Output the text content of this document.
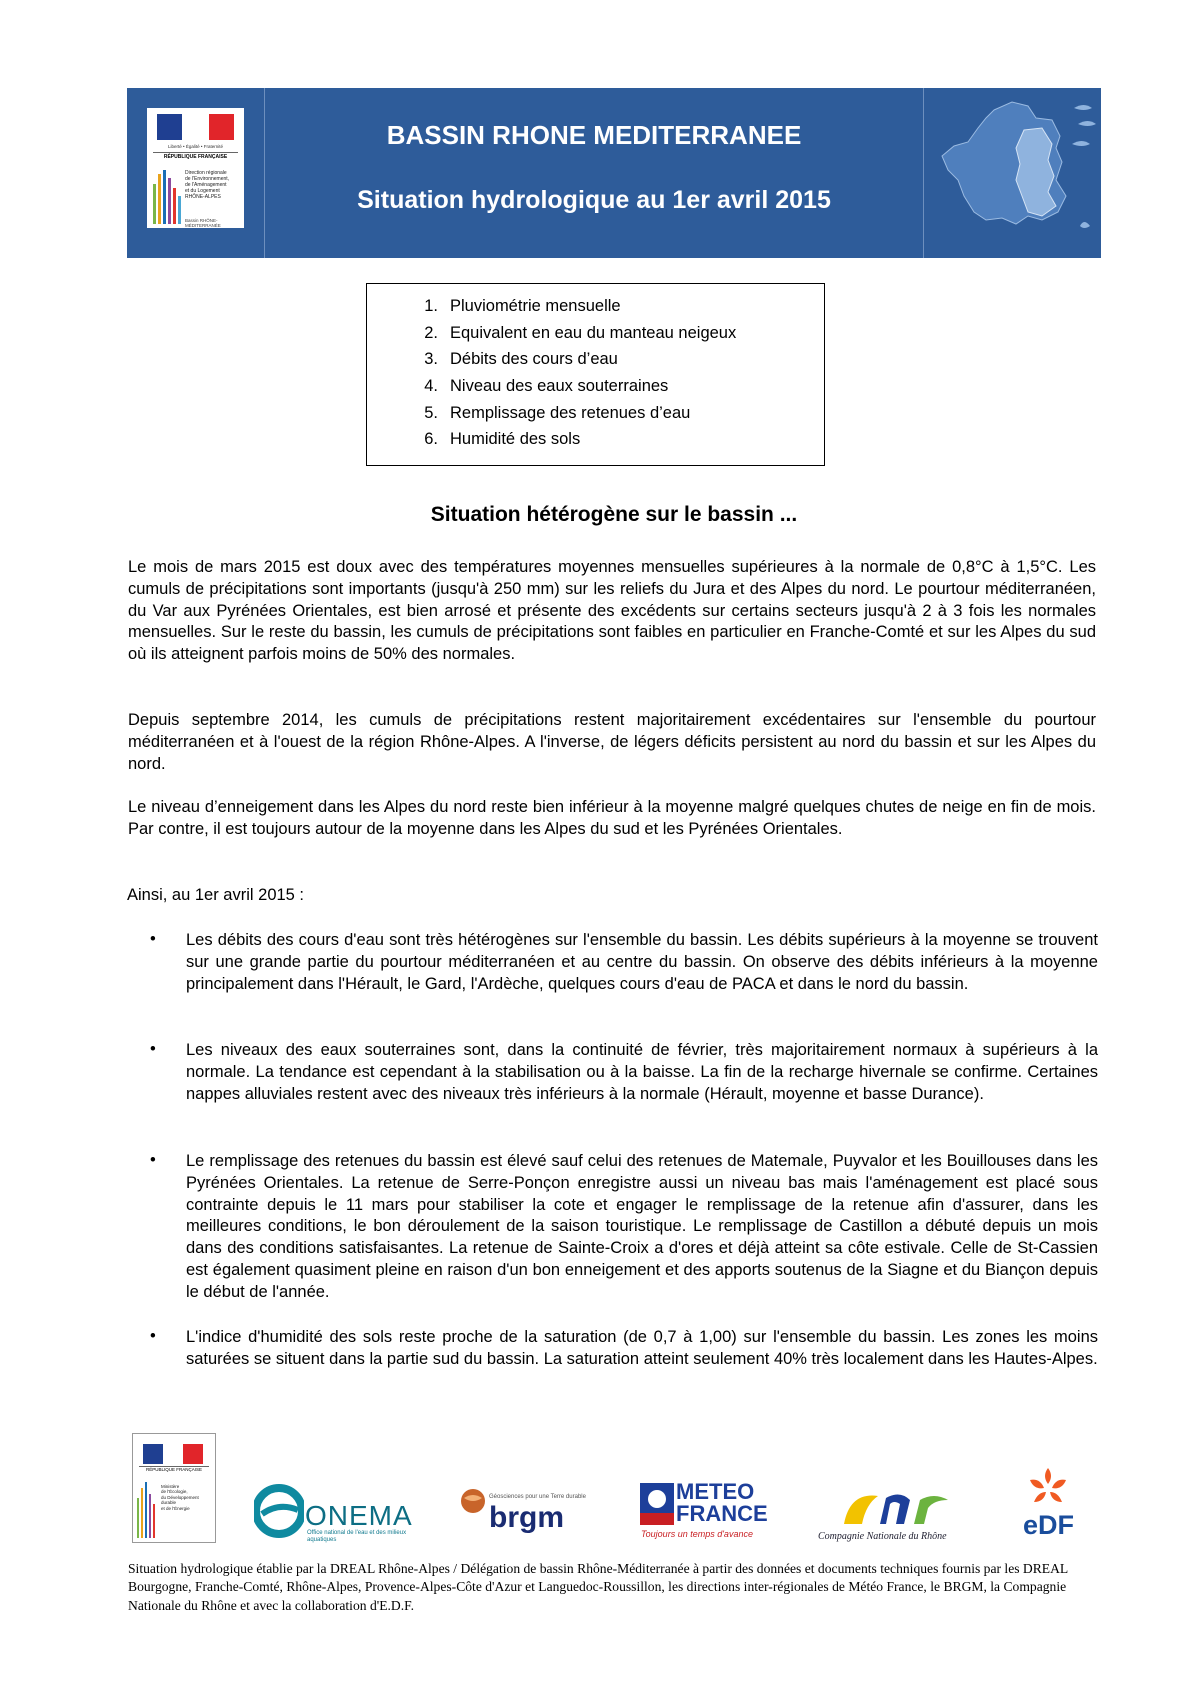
Liberté • Égalité • Fraternité
RÉPUBLIQUE FRANÇAISE
Direction régionale
de l'Environnement,
de l'Aménagement
et du Logement
RHÔNE-ALPES
Bassin RHÔNE-MÉDITERRANÉE
BASSIN RHONE MEDITERRANEE
Situation hydrologique au 1er avril 2015
1. Pluviométrie mensuelle
2. Equivalent en eau du manteau neigeux
3. Débits des cours d’eau
4. Niveau des eaux souterraines
5. Remplissage des retenues d’eau
6. Humidité des sols
Situation hétérogène sur le bassin ...

Le mois de mars 2015 est doux avec des températures moyennes mensuelles supérieures à la normale de 0,8°C à 1,5°C. Les cumuls de précipitations sont importants (jusqu'à 250 mm) sur les reliefs du Jura et des Alpes du nord. Le pourtour méditerranéen, du Var aux Pyrénées Orientales, est bien arrosé et présente des excédents sur certains secteurs jusqu'à 2 à 3 fois les normales mensuelles. Sur le reste du bassin, les cumuls de précipitations sont faibles en particulier en Franche-Comté et sur les Alpes du sud où ils atteignent parfois moins de 50% des normales.

Depuis septembre 2014, les cumuls de précipitations restent majoritairement excédentaires sur l'ensemble du pourtour méditerranéen et à l'ouest de la région Rhône-Alpes. A l'inverse, de légers déficits persistent au nord du bassin et sur les Alpes du nord.

Le niveau d’enneigement dans les Alpes du nord reste bien inférieur à la moyenne malgré quelques chutes de neige en fin de mois. Par contre, il est toujours autour de la moyenne dans les Alpes du sud et les Pyrénées Orientales.

Ainsi, au 1er avril 2015 :
• Les débits des cours d'eau sont très hétérogènes sur l'ensemble du bassin. Les débits supérieurs à la moyenne se trouvent sur une grande partie du pourtour méditerranéen et au centre du bassin. On observe des débits inférieurs à la moyenne principalement dans l'Hérault, le Gard, l'Ardèche, quelques cours d'eau de PACA et dans le nord du bassin.

• Les niveaux des eaux souterraines sont, dans la continuité de février, très majoritairement normaux à supérieurs à la normale. La tendance est cependant à la stabilisation ou à la baisse. La fin de la recharge hivernale se confirme. Certaines nappes alluviales restent avec des niveaux très inférieurs à la normale (Hérault, moyenne et basse Durance).

• Le remplissage des retenues du bassin est élevé sauf celui des retenues de Matemale, Puyvalor et les Bouillouses dans les Pyrénées Orientales. La retenue de Serre-Ponçon enregistre aussi un niveau bas mais l'aménagement est placé sous contrainte depuis le 11 mars pour stabiliser la cote et engager le remplissage de la retenue afin d'assurer, dans les meilleures conditions, le bon déroulement de la saison touristique. Le remplissage de Castillon a débuté depuis un mois dans des conditions satisfaisantes. La retenue de Sainte-Croix a d'ores et déjà atteint sa côte estivale. Celle de St-Cassien est également quasiment pleine en raison d'un bon enneigement et des apports soutenus de la Siagne et du Biançon depuis le début de l'année.

• L'indice d'humidité des sols reste proche de la saturation (de 0,7 à 1,00) sur l'ensemble du bassin. Les zones les moins saturées se situent dans la partie sud du bassin. La saturation atteint seulement 40% très localement dans les Hautes-Alpes.

RÉPUBLIQUE FRANÇAISE
Ministère
de l'Écologie,
du Développement
durable
et de l'Énergie	ONEMA
Office national de l'eau et des milieux aquatiques
Géosciences pour une Terre durable
brgm
METEO
FRANCE
Toujours un temps d'avance	Compagnie Nationale du Rhône	eDF

Situation hydrologique établie par la DREAL Rhône-Alpes / Délégation de bassin Rhône-Méditerranée à partir des données et documents techniques fournis par les DREAL Bourgogne, Franche-Comté, Rhône-Alpes, Provence-Alpes-Côte d'Azur et Languedoc-Roussillon, les directions inter-régionales de Météo France, le BRGM, la Compagnie Nationale du Rhône et avec la collaboration d'E.D.F.
